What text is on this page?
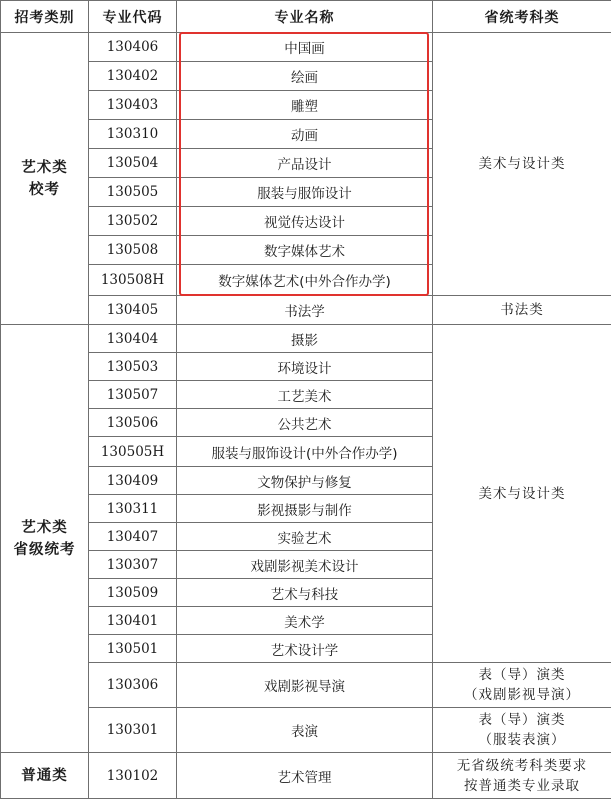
招考类别	专业代码	专业名称	省统考科类

艺术类
校考	130406	中国画	美术与设计类
	130402	绘画	
	130403	雕塑	
	130310	动画	
	130504	产品设计	
	130505	服装与服饰设计	
	130502	视觉传达设计	
	130508	数字媒体艺术	
	130508H	数字媒体艺术(中外合作办学)	
	130405	书法学	书法类

艺术类
省级统考	130404	摄影	美术与设计类
	130503	环境设计	
	130507	工艺美术	
	130506	公共艺术	
	130505H	服装与服饰设计(中外合作办学)	
	130409	文物保护与修复	
	130311	影视摄影与制作	
	130407	实验艺术	
	130307	戏剧影视美术设计	
	130509	艺术与科技	
	130401	美术学	
	130501	艺术设计学	
	130306	戏剧影视导演	表（导）演类
（戏剧影视导演）

	130301	表演	表（导）演类
（服装表演）

普通类	130102	艺术管理	无省级统考科类要求
按普通类专业录取
